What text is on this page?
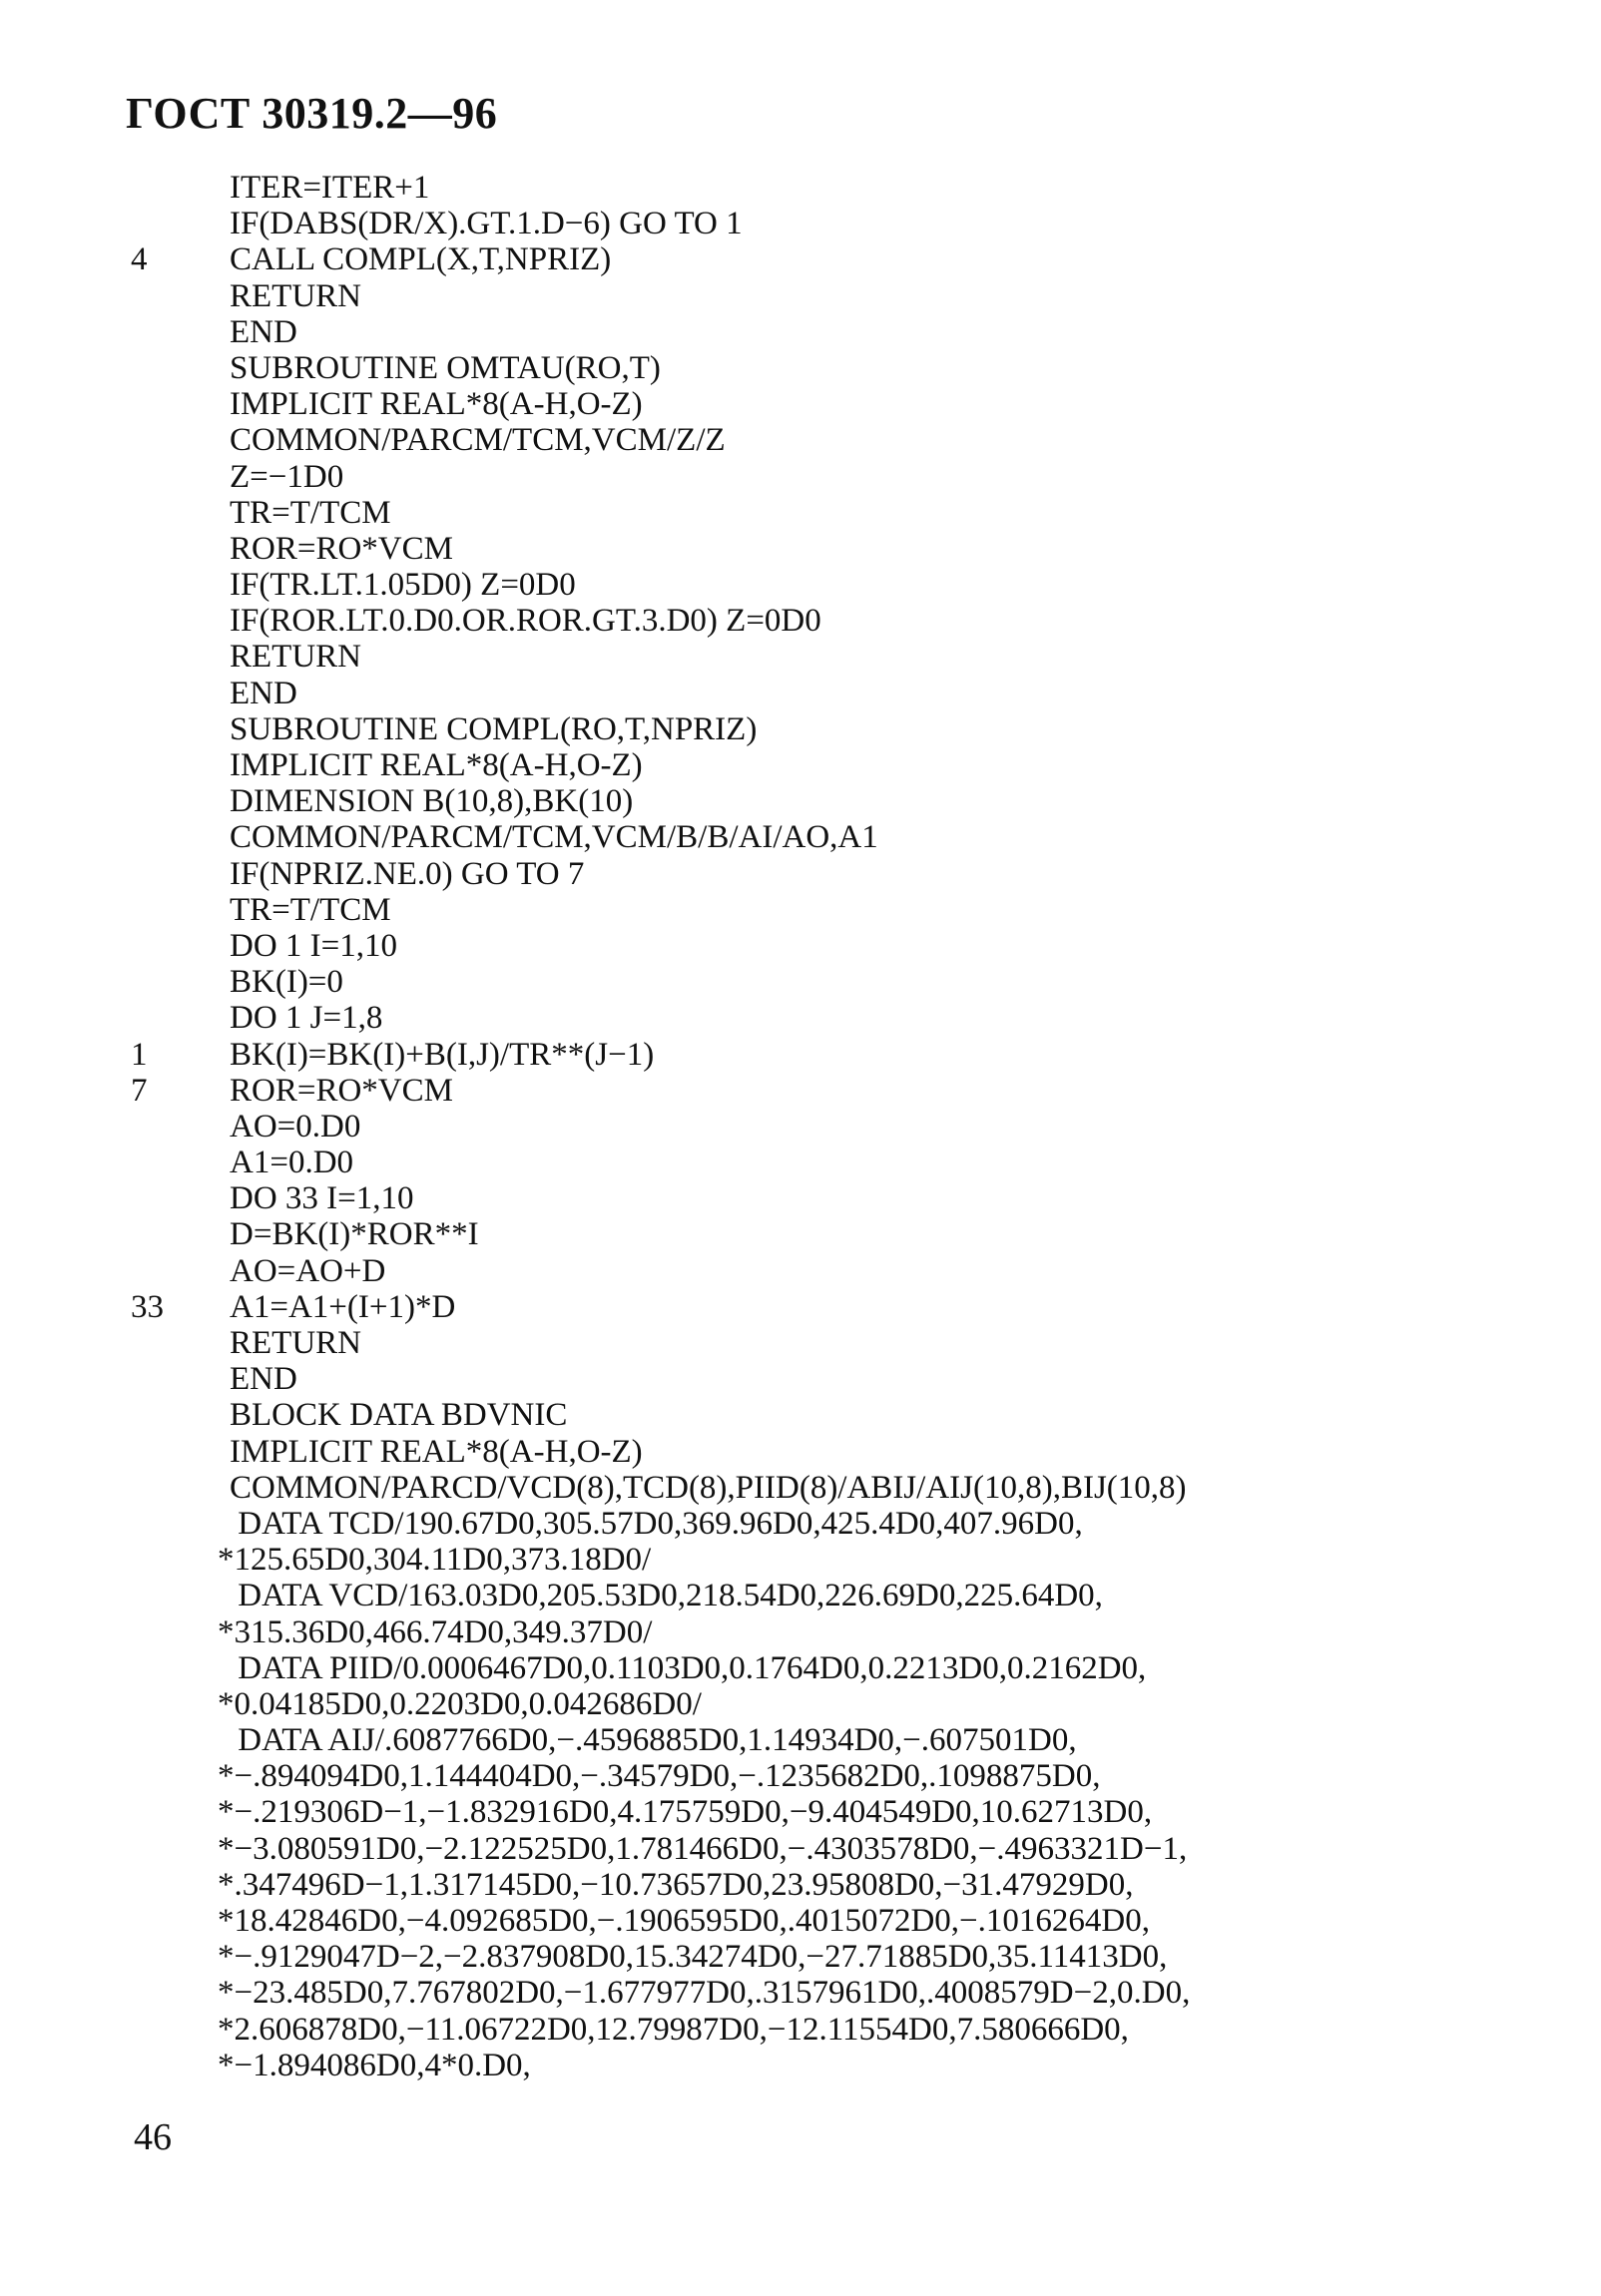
ГОСТ 30319.2—96
ITER=ITER+1
IF(DABS(DR/X).GT.1.D−6) GO TO 1
4	CALL COMPL(X,T,NPRIZ)
RETURN
END
SUBROUTINE OMTAU(RO,T)
IMPLICIT REAL*8(A-H,O-Z)
COMMON/PARCM/TCM,VCM/Z/Z
Z=−1D0
TR=T/TCM
ROR=RO*VCM
IF(TR.LT.1.05D0) Z=0D0
IF(ROR.LT.0.D0.OR.ROR.GT.3.D0) Z=0D0
RETURN
END
SUBROUTINE COMPL(RO,T,NPRIZ)
IMPLICIT REAL*8(A-H,O-Z)
DIMENSION B(10,8),BK(10)
COMMON/PARCM/TCM,VCM/B/B/AI/AO,A1
IF(NPRIZ.NE.0) GO TO 7
TR=T/TCM
DO 1 I=1,10
BK(I)=0
DO 1 J=1,8
1	BK(I)=BK(I)+B(I,J)/TR**(J−1)
7	ROR=RO*VCM
AO=0.D0
A1=0.D0
DO 33 I=1,10
D=BK(I)*ROR**I
AO=AO+D
33 A1=A1+(I+1)*D
RETURN
END
BLOCK DATA BDVNIC
IMPLICIT REAL*8(A-H,O-Z)
COMMON/PARCD/VCD(8),TCD(8),PIID(8)/ABIJ/AIJ(10,8),BIJ(10,8)
DATA TCD/190.67D0,305.57D0,369.96D0,425.4D0,407.96D0,
*125.65D0,304.11D0,373.18D0/
DATA VCD/163.03D0,205.53D0,218.54D0,226.69D0,225.64D0,
*315.36D0,466.74D0,349.37D0/
DATA PIID/0.0006467D0,0.1103D0,0.1764D0,0.2213D0,0.2162D0,
*0.04185D0,0.2203D0,0.042686D0/
DATA AIJ/.6087766D0,−.4596885D0,1.14934D0,−.607501D0,
*−.894094D0,1.144404D0,−.34579D0,−.1235682D0,.1098875D0,
*−.219306D−1,−1.832916D0,4.175759D0,−9.404549D0,10.62713D0,
*−3.080591D0,−2.122525D0,1.781466D0,−.4303578D0,−.4963321D−1,
*.347496D−1,1.317145D0,−10.73657D0,23.95808D0,−31.47929D0,
*18.42846D0,−4.092685D0,−.1906595D0,.4015072D0,−.1016264D0,
*−.9129047D−2,−2.837908D0,15.34274D0,−27.71885D0,35.11413D0,
*−23.485D0,7.767802D0,−1.677977D0,.3157961D0,.4008579D−2,0.D0,
*2.606878D0,−11.06722D0,12.79987D0,−12.11554D0,7.580666D0,
*−1.894086D0,4*0.D0,
46
